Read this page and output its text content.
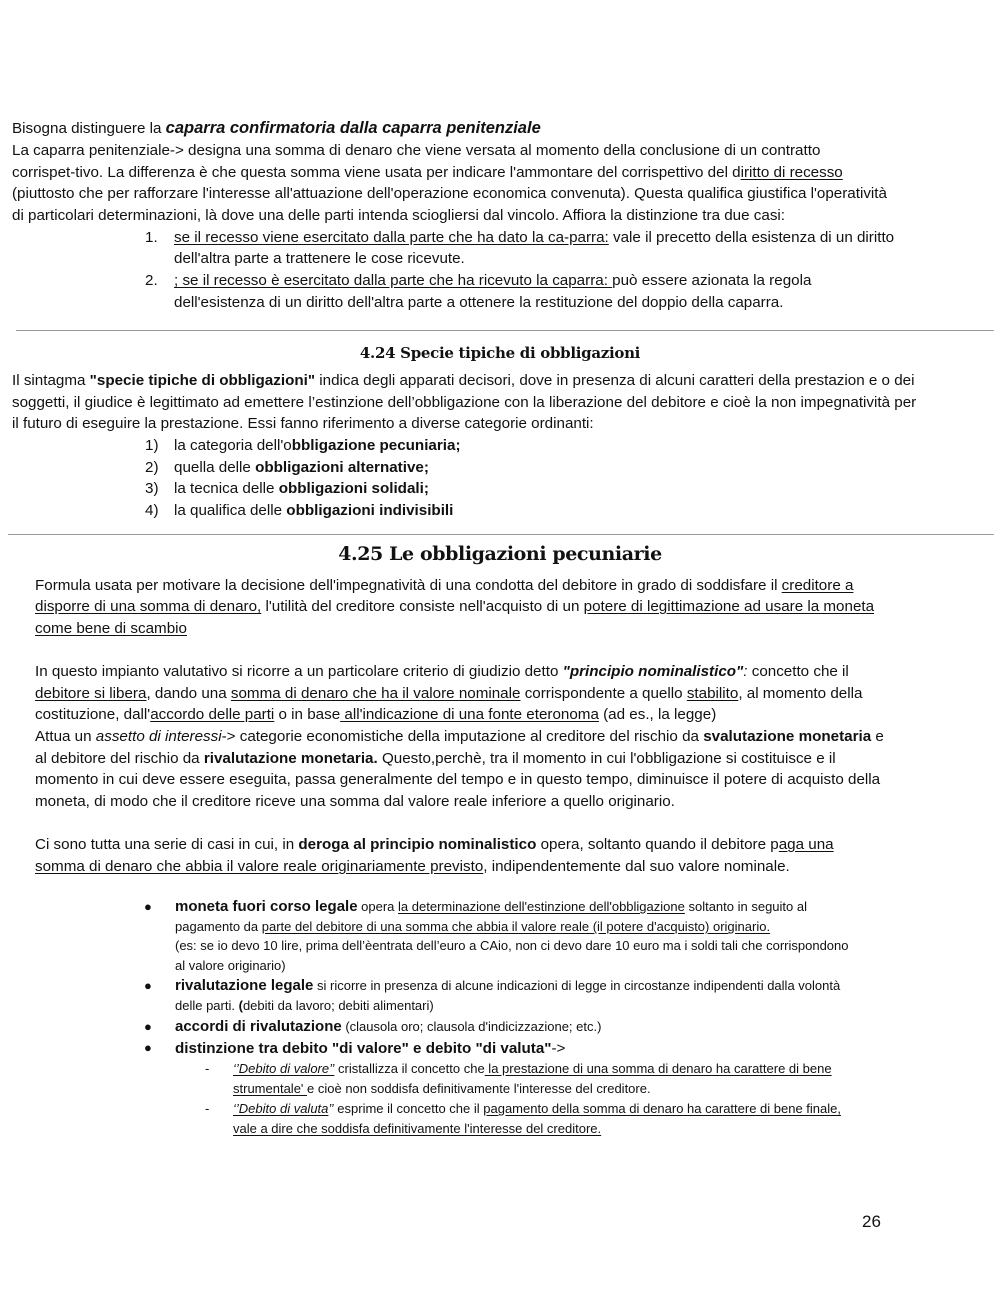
Bisogna distinguere la caparra confirmatoria dalla caparra penitenziale
La caparra penitenziale-> designa una somma di denaro che viene versata al momento della conclusione di un contratto
corrispet-tivo. La differenza è che questa somma viene usata per indicare l'ammontare del corrispettivo del diritto di recesso
(piuttosto che per rafforzare l'interesse all'attuazione dell'operazione economica convenuta). Questa qualifica giustifica l'operatività
di particolari determinazioni, là dove una delle parti intenda sciogliersi dal vincolo. Affiora la distinzione tra due casi:
1. se il recesso viene esercitato dalla parte che ha dato la ca-parra: vale il precetto della esistenza di un diritto
dell'altra parte a trattenere le cose ricevute.
2. ; se il recesso è esercitato dalla parte che ha ricevuto la caparra: può essere azionata la regola
dell'esistenza di un diritto dell'altra parte a ottenere la restituzione del doppio della caparra.
4.24 Specie tipiche di obbligazioni
Il sintagma "specie tipiche di obbligazioni" indica degli apparati decisori, dove in presenza di alcuni caratteri della prestazion e o dei
soggetti, il giudice è legittimato ad emettere l’estinzione dell’obbligazione con la liberazione del debitore e cioè la non impegnatività per
il futuro di eseguire la prestazione. Essi fanno riferimento a diverse categorie ordinanti:
1) la categoria dell'obbligazione pecuniaria;
2) quella delle obbligazioni alternative;
3) la tecnica delle obbligazioni solidali;
4) la qualifica delle obbligazioni indivisibili
4.25 Le obbligazioni pecuniarie
Formula usata per motivare la decisione dell'impegnatività di una condotta del debitore in grado di soddisfare il creditore a
disporre di una somma di denaro, l'utilità del creditore consiste nell'acquisto di un potere di legittimazione ad usare la moneta
come bene di scambio
In questo impianto valutativo si ricorre a un particolare criterio di giudizio detto "principio nominalistico": concetto che il
debitore si libera, dando una somma di denaro che ha il valore nominale corrispondente a quello stabilito, al momento della
costituzione, dall'accordo delle parti o in base all'indicazione di una fonte eteronoma (ad es., la legge)
Attua un assetto di interessi-> categorie economistiche della imputazione al creditore del rischio da svalutazione monetaria e
al debitore del rischio da rivalutazione monetaria. Questo,perchè, tra il momento in cui l'obbligazione si costituisce e il
momento in cui deve essere eseguita, passa generalmente del tempo e in questo tempo, diminuisce il potere di acquisto della
moneta, di modo che il creditore riceve una somma dal valore reale inferiore a quello originario.
Ci sono tutta una serie di casi in cui, in deroga al principio nominalistico opera, soltanto quando il debitore paga una
somma di denaro che abbia il valore reale originariamente previsto, indipendentemente dal suo valore nominale.
● moneta fuori corso legale opera la determinazione dell'estinzione dell'obbligazione soltanto in seguito al
pagamento da parte del debitore di una somma che abbia il valore reale (il potere d'acquisto) originario.
(es: se io devo 10 lire, prima dell’èentrata dell’euro a CAio, non ci devo dare 10 euro ma i soldi tali che corrispondono
al valore originario)
● rivalutazione legale si ricorre in presenza di alcune indicazioni di legge in circostanze indipendenti dalla volontà
delle parti. (debiti da lavoro; debiti alimentari)
● accordi di rivalutazione (clausola oro; clausola d'indicizzazione; etc.)
● distinzione tra debito "di valore" e debito "di valuta"->
- ‘’Debito di valore’’ cristallizza il concetto che la prestazione di una somma di denaro ha carattere di bene
strumentale' e cioè non soddisfa definitivamente l'interesse del creditore.
- ‘’Debito di valuta’’ esprime il concetto che il pagamento della somma di denaro ha carattere di bene finale,
vale a dire che soddisfa definitivamente l'interesse del creditore.
26
